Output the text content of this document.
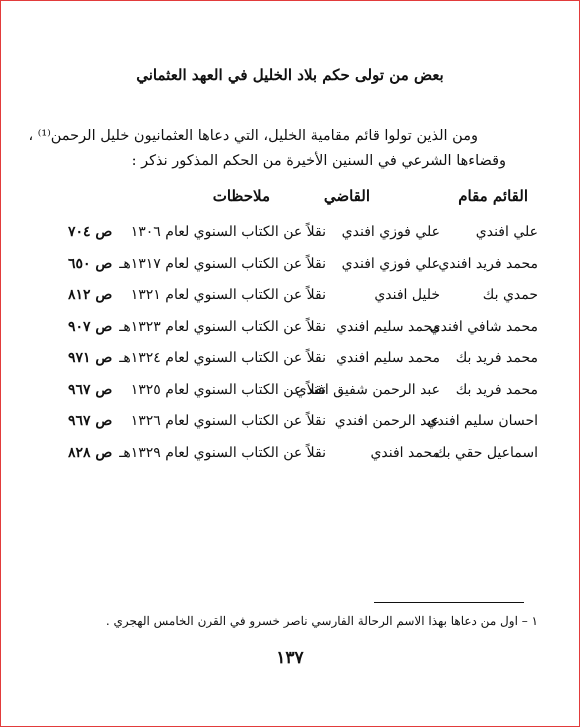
بعض من تولى حكم بلاد الخليل في العهد العثماني
ومن الذين تولوا قائم مقامية الخليل، التي دعاها العثمانيون خليل الرحمن⁽¹⁾ ،
وقضاءها الشرعي في السنين الأخيرة من الحكم المذكور نذكر :
القائم مقام
القاضي
ملاحظات
علي افندي
علي فوزي افندي
نقلاً عن الكتاب السنوي لعام ١٣٠٦
ص ٧٠٤
محمد فريد افندي
علي فوزي افندي
نقلاً عن الكتاب السنوي لعام ١٣١٧هـ
ص ٦٥٠
حمدي بك
خليل افندي
نقلاً عن الكتاب السنوي لعام ١٣٢١
ص ٨١٢
محمد شافي افندي
محمد سليم افندي
نقلاً عن الكتاب السنوي لعام ١٣٢٣هـ
ص ٩٠٧
محمد فريد بك
محمد سليم افندي
نقلاً عن الكتاب السنوي لعام ١٣٢٤هـ
ص ٩٧١
محمد فريد بك
عبد الرحمن شفيق افندي
نقلاً عن الكتاب السنوي لعام ١٣٢٥
ص ٩٦٧
احسان سليم افندي
عبد الرحمن افندي
نقلاً عن الكتاب السنوي لعام ١٣٢٦
ص ٩٦٧
اسماعيل حقي بك
محمد افندي
نقلاً عن الكتاب السنوي لعام ١٣٢٩هـ
ص ٨٢٨
١ – اول من دعاها بهذا الاسم الرحالة الفارسي ناصر خسرو في القرن الخامس الهجري .
١٣٧
